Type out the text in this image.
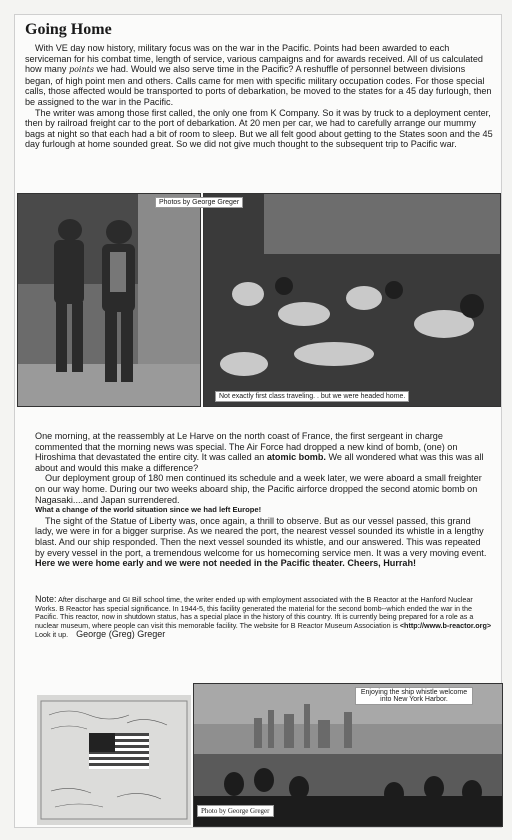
Going Home

With VE day now history, military focus was on the war in the Pacific. Points had been awarded to each serviceman for his combat time, length of service, various campaigns and for awards received. All of us calculated how many points we had. Would we also serve time in the Pacific? A reshuffle of personnel between divisions began, of high point men and others. Calls came for men with specific military occupation codes. For those special calls, those affected would be transported to ports of debarkation, be moved to the states for a 45 day furlough, then be assigned to the war in the Pacific.

The writer was among those first called, the only one from K Company. So it was by truck to a deployment center, then by railroad freight car to the port of debarkation. At 20 men per car, we had to carefully arrange our mummy bags at night so that each had a bit of room to sleep. But we all felt good about getting to the States soon and the 45 day furlough at home sounded great. So we did not give much thought to the subsequent trip to Pacific war.

Photos by George Greger
Not exactly first class traveling. . but we were headed home.

One morning, at the reassembly at Le Harve on the north coast of France, the first sergeant in charge commented that the morning news was special. The Air Force had dropped a new kind of bomb, (one) on Hiroshima that devastated the entire city. It was called an atomic bomb. We all wondered what was this was all about and would this make a difference?

Our deployment group of 180 men continued its schedule and a week later, we were aboard a small freighter on our way home. During our two weeks aboard ship, the Pacific airforce dropped the second atomic bomb on Nagasaki....and Japan surrendered.

What a change of the world situation since we had left Europe!

The sight of the Statue of Liberty was, once again, a thrill to observe. But as our vessel passed, this grand lady, we were in for a bigger surprise. As we neared the port, the nearest vessel sounded its whistle in a lengthy blast. And our ship responded. Then the next vessel sounded its whistle, and our answered. This was repeated by every vessel in the port, a tremendous welcome for us homecoming service men. It was a very moving event. Here we were home early and we were not needed in the Pacific theater. Cheers, Hurrah!

Note: After discharge and GI Bill school time, the writer ended up with employment associated with the B Reactor at the Hanford Nuclear Works. B Reactor has special significance. In 1944-5, this facility generated the material for the second bomb--which ended the war in the Pacific. This reactor, now in shutdown status, has a special place in the history of this country. Ift is currently being prepared for a role as a nuclear museum, where people can visit this memorable facility. The website for B Reactor Museum Association is <http://www.b-reactor.org> Look it up. George (Greg) Greger
Enjoying the ship whistle welcome into New York Harbor.
Photo by George Greger
